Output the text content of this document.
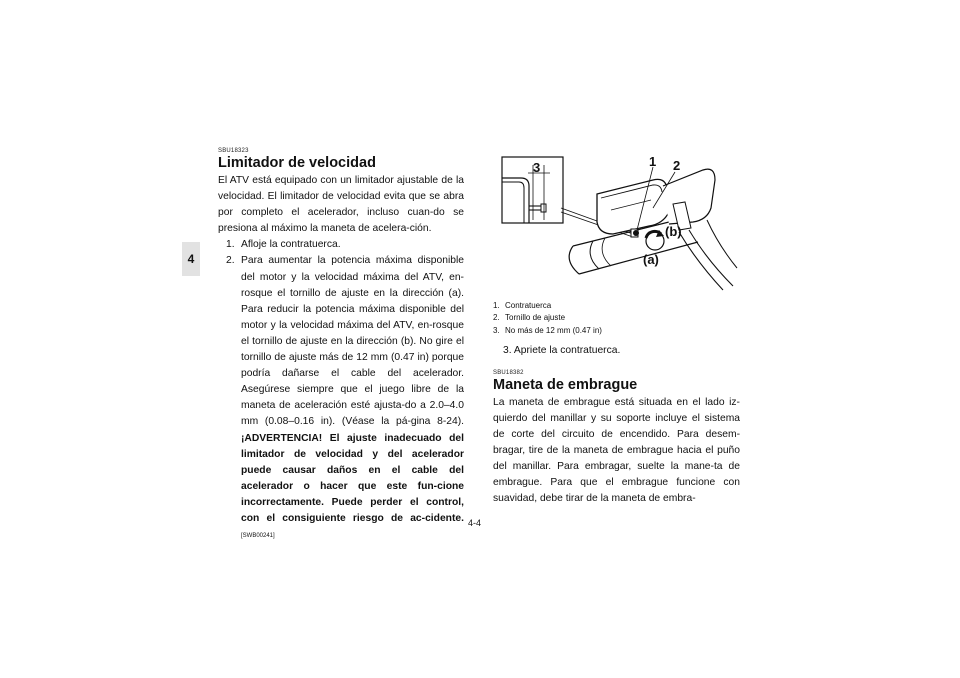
4
SBU18323
Limitador de velocidad

El ATV está equipado con un limitador ajustable de la velocidad. El limitador de velocidad evita que se abra por completo el acelerador, incluso cuan-do se presiona al máximo la maneta de acelera-ción.

1. Afloje la contratuerca.
2. Para aumentar la potencia máxima disponible del motor y la velocidad máxima del ATV, en-rosque el tornillo de ajuste en la dirección (a). Para reducir la potencia máxima disponible del motor y la velocidad máxima del ATV, en-rosque el tornillo de ajuste en la dirección (b). No gire el tornillo de ajuste más de 12 mm (0.47 in) porque podría dañarse el cable del acelerador. Asegúrese siempre que el juego libre de la maneta de aceleración esté ajusta-do a 2.0–4.0 mm (0.08–0.16 in). (Véase la pá-gina 8-24). ¡ADVERTENCIA! El ajuste inadecuado del limitador de velocidad y del acelerador puede causar daños en el cable del acelerador o hacer que este fun-cione incorrectamente. Puede perder el control, con el consiguiente riesgo de ac-cidente. [SWB00241]
1 2
3
(b)
(a)
1. Contratuerca
2. Tornillo de ajuste
3. No más de 12 mm (0.47 in)
3. Apriete la contratuerca.
SBU18382
Maneta de embrague

La maneta de embrague está situada en el lado iz-quierdo del manillar y su soporte incluye el sistema de corte del circuito de encendido. Para desem-bragar, tire de la maneta de embrague hacia el puño del manillar. Para embragar, suelte la mane-ta de embrague. Para que el embrague funcione con suavidad, debe tirar de la maneta de embra-

4-4
